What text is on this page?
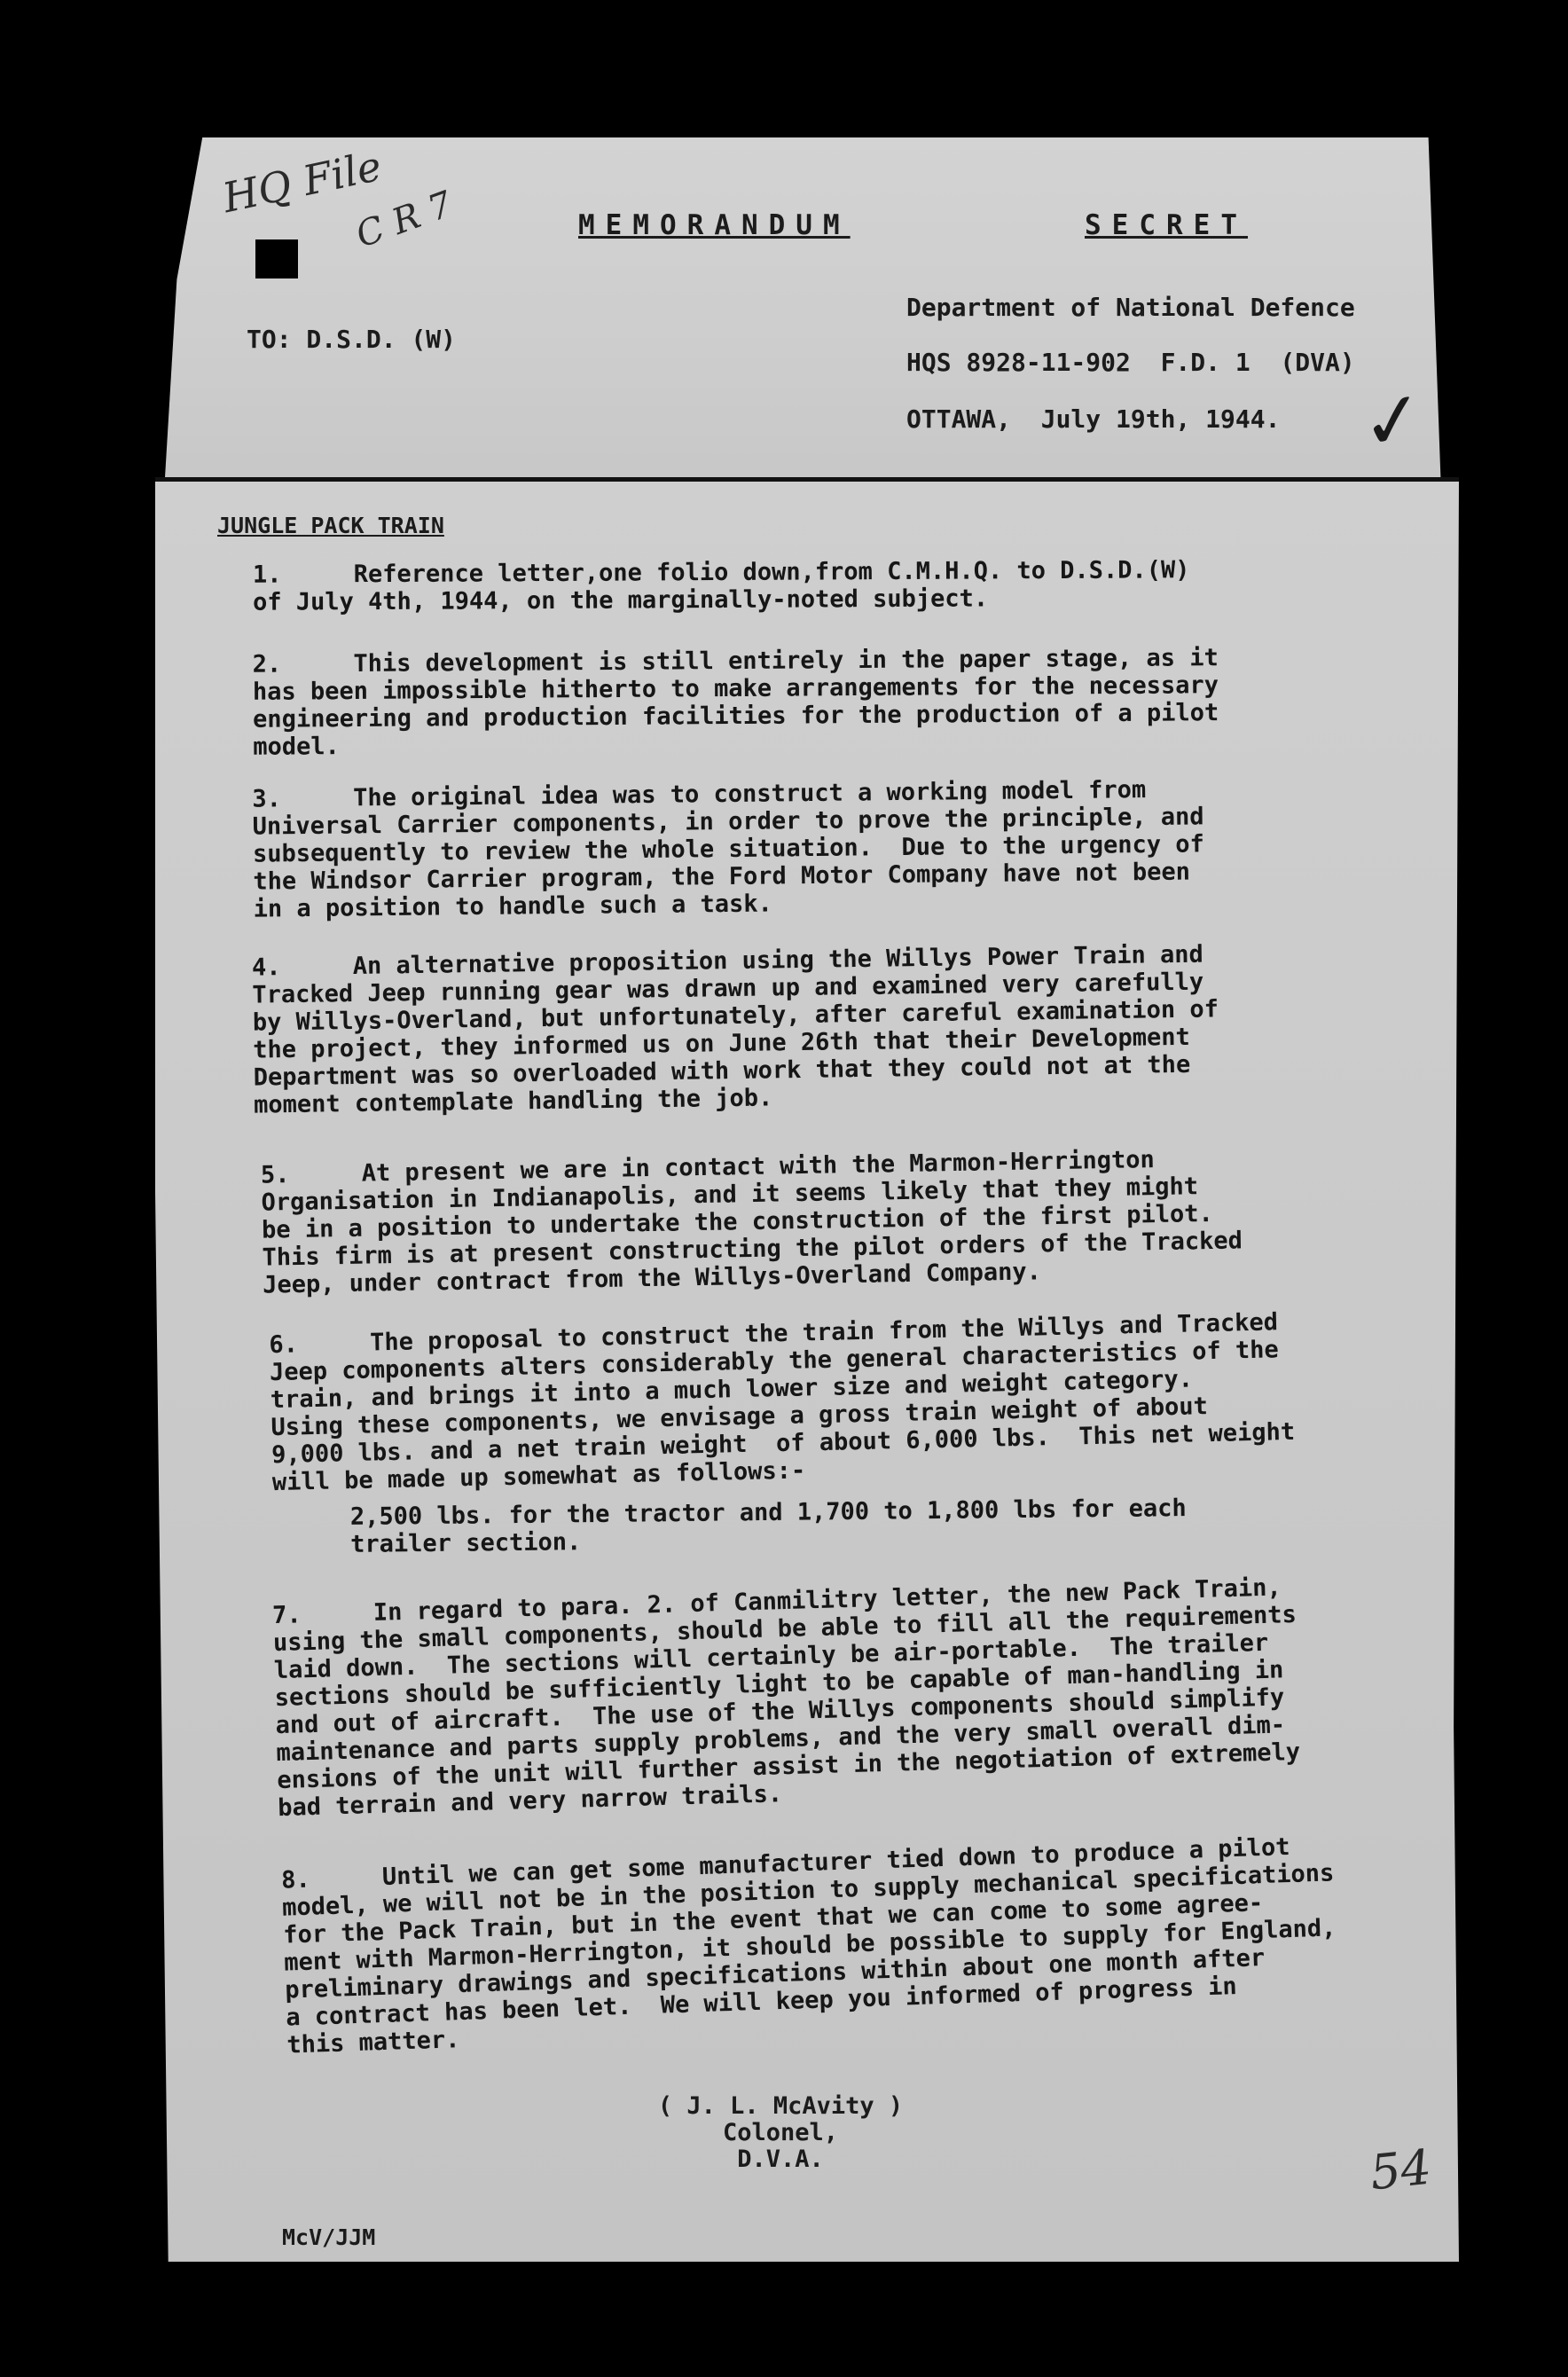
HQ File
C R 7	MEMORANDUM	SECRET
TO: D.S.D. (W)
Department of National Defence
HQS 8928-11-902  F.D. 1  (DVA)
OTTAWA,  July 19th, 1944. ✓
JUNGLE PACK TRAIN
1.     Reference letter,one folio down,from C.M.H.Q. to D.S.D.(W)
of July 4th, 1944, on the marginally-noted subject.
2.     This development is still entirely in the paper stage, as it
has been impossible hitherto to make arrangements for the necessary
engineering and production facilities for the production of a pilot
model.
3.     The original idea was to construct a working model from
Universal Carrier components, in order to prove the principle, and
subsequently to review the whole situation.  Due to the urgency of
the Windsor Carrier program, the Ford Motor Company have not been
in a position to handle such a task.
4.     An alternative proposition using the Willys Power Train and
Tracked Jeep running gear was drawn up and examined very carefully
by Willys-Overland, but unfortunately, after careful examination of
the project, they informed us on June 26th that their Development
Department was so overloaded with work that they could not at the
moment contemplate handling the job.
5.     At present we are in contact with the Marmon-Herrington
Organisation in Indianapolis, and it seems likely that they might
be in a position to undertake the construction of the first pilot.
This firm is at present constructing the pilot orders of the Tracked
Jeep, under contract from the Willys-Overland Company.
6.     The proposal to construct the train from the Willys and Tracked
Jeep components alters considerably the general characteristics of the
train, and brings it into a much lower size and weight category.
Using these components, we envisage a gross train weight of about
9,000 lbs. and a net train weight  of about 6,000 lbs.  This net weight
will be made up somewhat as follows:-
2,500 lbs. for the tractor and 1,700 to 1,800 lbs for each
trailer section.
7.     In regard to para. 2. of Canmilitry letter, the new Pack Train,
using the small components, should be able to fill all the requirements
laid down.  The sections will certainly be air-portable.  The trailer
sections should be sufficiently light to be capable of man-handling in
and out of aircraft.  The use of the Willys components should simplify
maintenance and parts supply problems, and the very small overall dim-
ensions of the unit will further assist in the negotiation of extremely
bad terrain and very narrow trails.
8.     Until we can get some manufacturer tied down to produce a pilot
model, we will not be in the position to supply mechanical specifications
for the Pack Train, but in the event that we can come to some agree-
ment with Marmon-Herrington, it should be possible to supply for England,
preliminary drawings and specifications within about one month after
a contract has been let.  We will keep you informed of progress in
this matter.
( J. L. McAvity )
Colonel,
D.V.A.
McV/JJM
54
